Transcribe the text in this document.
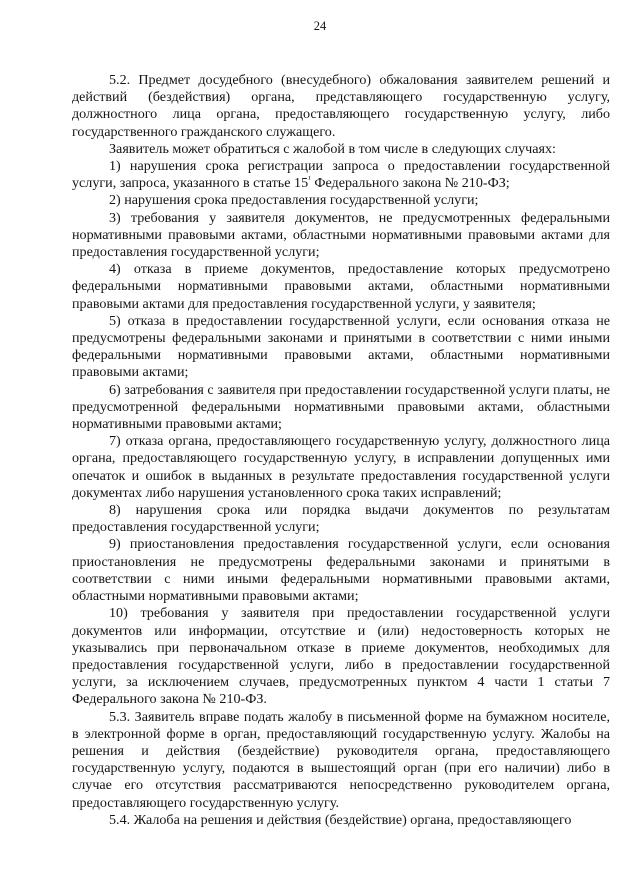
24

5.2. Предмет досудебного (внесудебного) обжалования заявителем решений и действий (бездействия) органа, представляющего государственную услугу, должностного лица органа, предоставляющего государственную услугу, либо государственного гражданского служащего.

Заявитель может обратиться с жалобой в том числе в следующих случаях:

1) нарушения срока регистрации запроса о предоставлении государственной услуги, запроса, указанного в статье $15^{^1}$ Федерального закона № 210-ФЗ;

2) нарушения срока предоставления государственной услуги;

3) требования у заявителя документов, не предусмотренных федеральными нормативными правовыми актами, областными нормативными правовыми актами для предоставления государственной услуги;

4) отказа в приеме документов, предоставление которых предусмотрено федеральными нормативными правовыми актами, областными нормативными правовыми актами для предоставления государственной услуги, у заявителя;

5) отказа в предоставлении государственной услуги, если основания отказа не предусмотрены федеральными законами и принятыми в соответствии с ними иными федеральными нормативными правовыми актами, областными нормативными правовыми актами;

6) затребования с заявителя при предоставлении государственной услуги платы, не предусмотренной федеральными нормативными правовыми актами, областными нормативными правовыми актами;

7) отказа органа, предоставляющего государственную услугу, должностного лица органа, предоставляющего государственную услугу, в исправлении допущенных ими опечаток и ошибок в выданных в результате предоставления государственной услуги документах либо нарушения установленного срока таких исправлений;

8) нарушения срока или порядка выдачи документов по результатам предоставления государственной услуги;

9) приостановления предоставления государственной услуги, если основания приостановления не предусмотрены федеральными законами и принятыми в соответствии с ними иными федеральными нормативными правовыми актами, областными нормативными правовыми актами;

10) требования у заявителя при предоставлении государственной услуги документов или информации, отсутствие и (или) недостоверность которых не указывались при первоначальном отказе в приеме документов, необходимых для предоставления государственной услуги, либо в предоставлении государственной услуги, за исключением случаев, предусмотренных пунктом 4 части 1 статьи 7 Федерального закона № 210-ФЗ.

5.3. Заявитель вправе подать жалобу в письменной форме на бумажном носителе, в электронной форме в орган, предоставляющий государственную услугу. Жалобы на решения и действия (бездействие) руководителя органа, предоставляющего государственную услугу, подаются в вышестоящий орган (при его наличии) либо в случае его отсутствия рассматриваются непосредственно руководителем органа, предоставляющего государственную услугу.

5.4. Жалоба на решения и действия (бездействие) органа, предоставляющего
